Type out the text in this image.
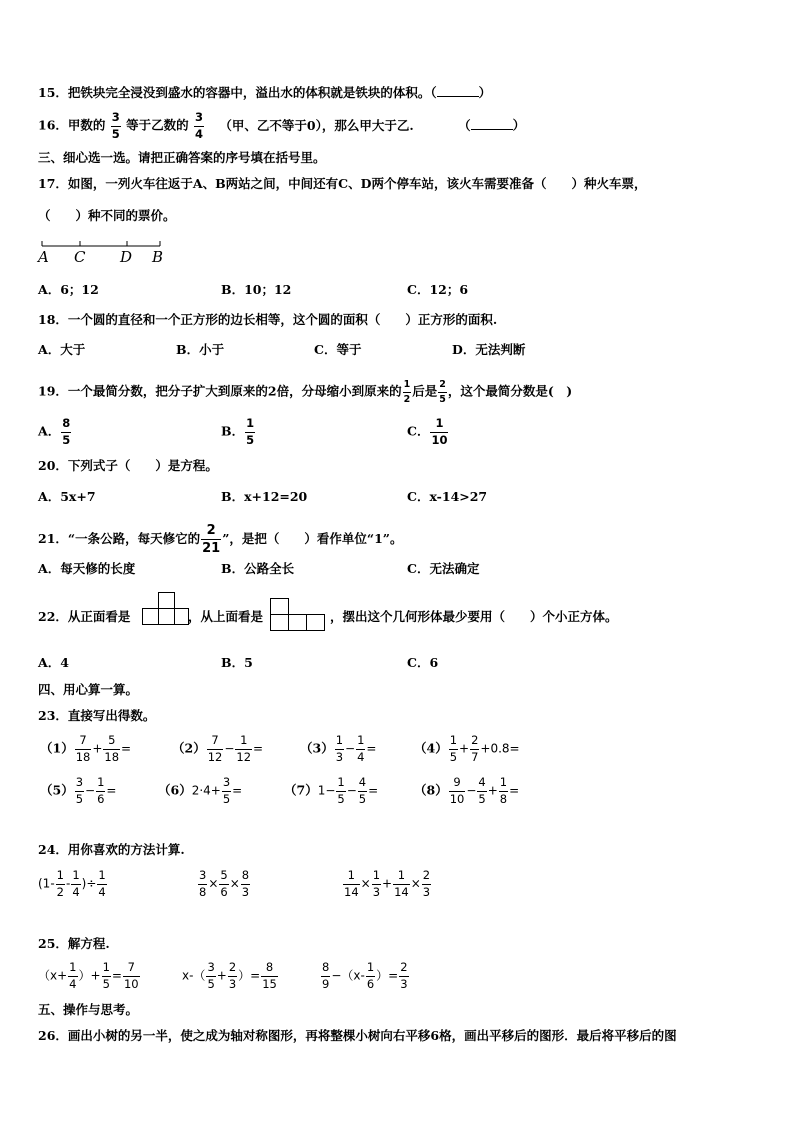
15．把铁块完全浸没到盛水的容器中，溢出水的体积就是铁块的体积。（	）
16．甲数的 $\frac{3}{5}$ 等于乙数的 $\frac{3}{4}$ （甲、乙不等于0），那么甲大于乙.	（	）
三、细心选一选。请把正确答案的序号填在括号里。
17．如图，一列火车往返于A、B两站之间，中间还有C、D两个停车站，该火车需要准备（　　）种火车票，
（　　）种不同的票价。
A C D B
A．6；12	B．10；12	C．12；6
18．一个圆的直径和一个正方形的边长相等，这个圆的面积（　　）正方形的面积.
A．大于	B．小于	C．等于	D．无法判断
19．一个最简分数，把分子扩大到原来的2倍，分母缩小到原来的 $\frac{1}{2}$ 后是 $\frac{2}{5}$ ，这个最简分数是(　)
A． $\frac{8}{5}$	B． $\frac{1}{5}$	C． $\frac{1}{10}$
20．下列式子（　　）是方程。
A．5x+7	B．x+12=20	C．x-14>27
21．“一条公路，每天修它的 $\frac{2}{21}$ ”，是把（　　）看作单位“1”。
A．每天修的长度	B．公路全长	C．无法确定
22．从正面看是	，从上面看是	，摆出这个几何形体最少要用（　　）个小正方体。
A．4	B．5	C．6
四、用心算一算。
23．直接写出得数。
$(1) \frac{7}{18} + \frac{5}{18}$ =	$(2) \frac{7}{12} - \frac{1}{12}$ =	$(3) \frac{1}{3} - \frac{1}{4}$ =	$(4) \frac{1}{5} + \frac{2}{7} +0.8=$
$(5) \frac{3}{5} - \frac{1}{6}$ =	$(6)2\cdot 4+ \frac{3}{5}$ =	$(7)1- \frac{1}{5} - \frac{4}{5}$ =	$(8) \frac{9}{10} - \frac{4}{5} + \frac{1}{8}$ =
24．用你喜欢的方法计算.
($1- \frac{1}{2} - \frac{1}{4}$ )÷ $\frac{1}{4}$	$\frac{3}{8} \times \frac{5}{6} \times \frac{8}{3}$	$\frac{1}{14} \times \frac{1}{3} + \frac{1}{14} \times \frac{2}{3}$
25．解方程.
（$x+ \frac{1}{4}$ ）+ $\frac{1}{5} = \frac{7}{10}$	$x-( \frac{3}{5} + \frac{2}{3}$ ）= $\frac{8}{15}$	$\frac{8}{9} -(x- \frac{1}{6}$ ）= $\frac{2}{3}$
五、操作与思考。
26．画出小树的另一半，使之成为轴对称图形，再将整棵小树向右平移6格，画出平移后的图形．最后将平移后的图
